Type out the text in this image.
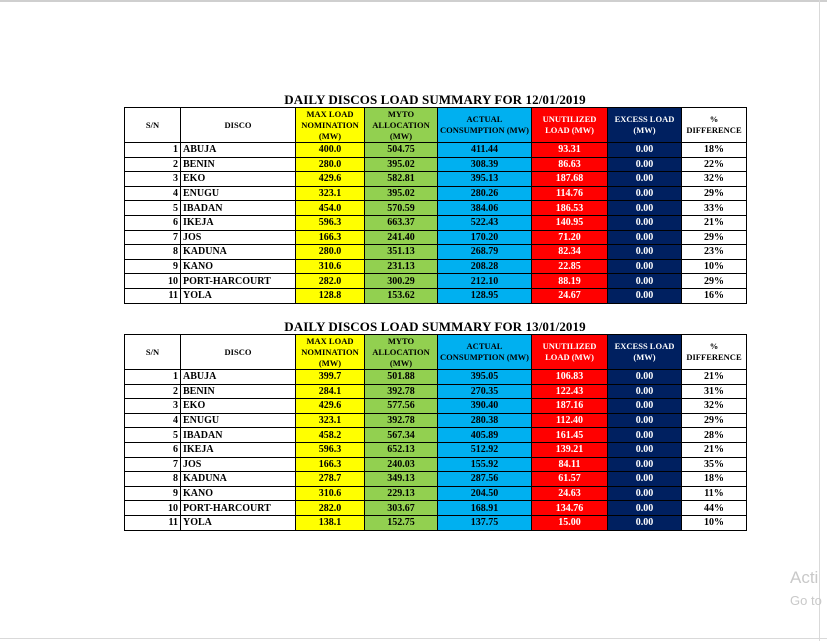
DAILY DISCOS LOAD SUMMARY FOR 12/01/2019
S/N	DISCO	MAX LOAD NOMINATION (MW)	MYTO ALLOCATION (MW)	ACTUAL CONSUMPTION (MW)	UNUTILIZED LOAD (MW)	EXCESS LOAD (MW)	% DIFFERENCE
1	ABUJA	400.0	504.75	411.44	93.31	0.00	18%
2	BENIN	280.0	395.02	308.39	86.63	0.00	22%
3	EKO	429.6	582.81	395.13	187.68	0.00	32%
4	ENUGU	323.1	395.02	280.26	114.76	0.00	29%
5	IBADAN	454.0	570.59	384.06	186.53	0.00	33%
6	IKEJA	596.3	663.37	522.43	140.95	0.00	21%
7	JOS	166.3	241.40	170.20	71.20	0.00	29%
8	KADUNA	280.0	351.13	268.79	82.34	0.00	23%
9	KANO	310.6	231.13	208.28	22.85	0.00	10%
10	PORT-HARCOURT	282.0	300.29	212.10	88.19	0.00	29%
11	YOLA	128.8	153.62	128.95	24.67	0.00	16%
DAILY DISCOS LOAD SUMMARY FOR 13/01/2019
S/N	DISCO	MAX LOAD NOMINATION (MW)	MYTO ALLOCATION (MW)	ACTUAL CONSUMPTION (MW)	UNUTILIZED LOAD (MW)	EXCESS LOAD (MW)	% DIFFERENCE
1	ABUJA	399.7	501.88	395.05	106.83	0.00	21%
2	BENIN	284.1	392.78	270.35	122.43	0.00	31%
3	EKO	429.6	577.56	390.40	187.16	0.00	32%
4	ENUGU	323.1	392.78	280.38	112.40	0.00	29%
5	IBADAN	458.2	567.34	405.89	161.45	0.00	28%
6	IKEJA	596.3	652.13	512.92	139.21	0.00	21%
7	JOS	166.3	240.03	155.92	84.11	0.00	35%
8	KADUNA	278.7	349.13	287.56	61.57	0.00	18%
9	KANO	310.6	229.13	204.50	24.63	0.00	11%
10	PORT-HARCOURT	282.0	303.67	168.91	134.76	0.00	44%
11	YOLA	138.1	152.75	137.75	15.00	0.00	10%
Acti
Go to
